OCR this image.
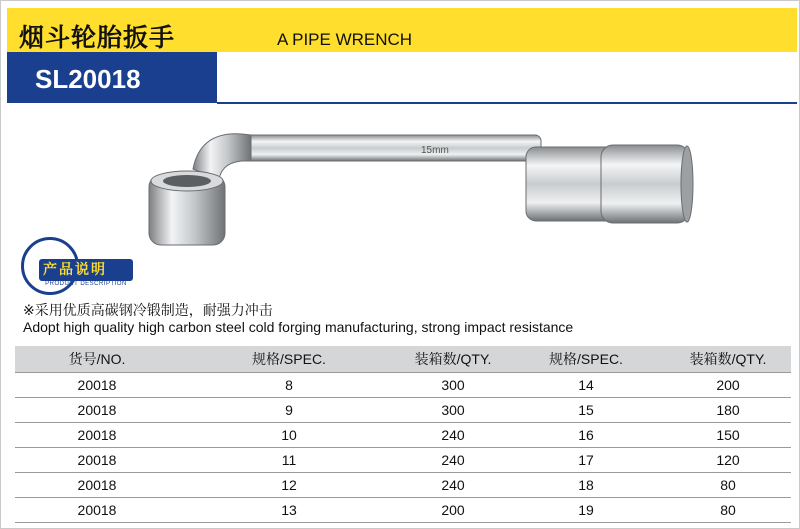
烟斗轮胎扳手	A PIPE WRENCH
SL20018
15mm
产品说明
PRODUCT DESCRIPTION
※采用优质高碳钢冷锻制造，耐强力冲击
Adopt high quality high carbon steel cold forging manufacturing, strong impact resistance
货号/NO.	规格/SPEC.	装箱数/QTY.	规格/SPEC.	装箱数/QTY.
20018	8	300	14	200
20018	9	300	15	180
20018	10	240	16	150
20018	11	240	17	120
20018	12	240	18	80
20018	13	200	19	80
